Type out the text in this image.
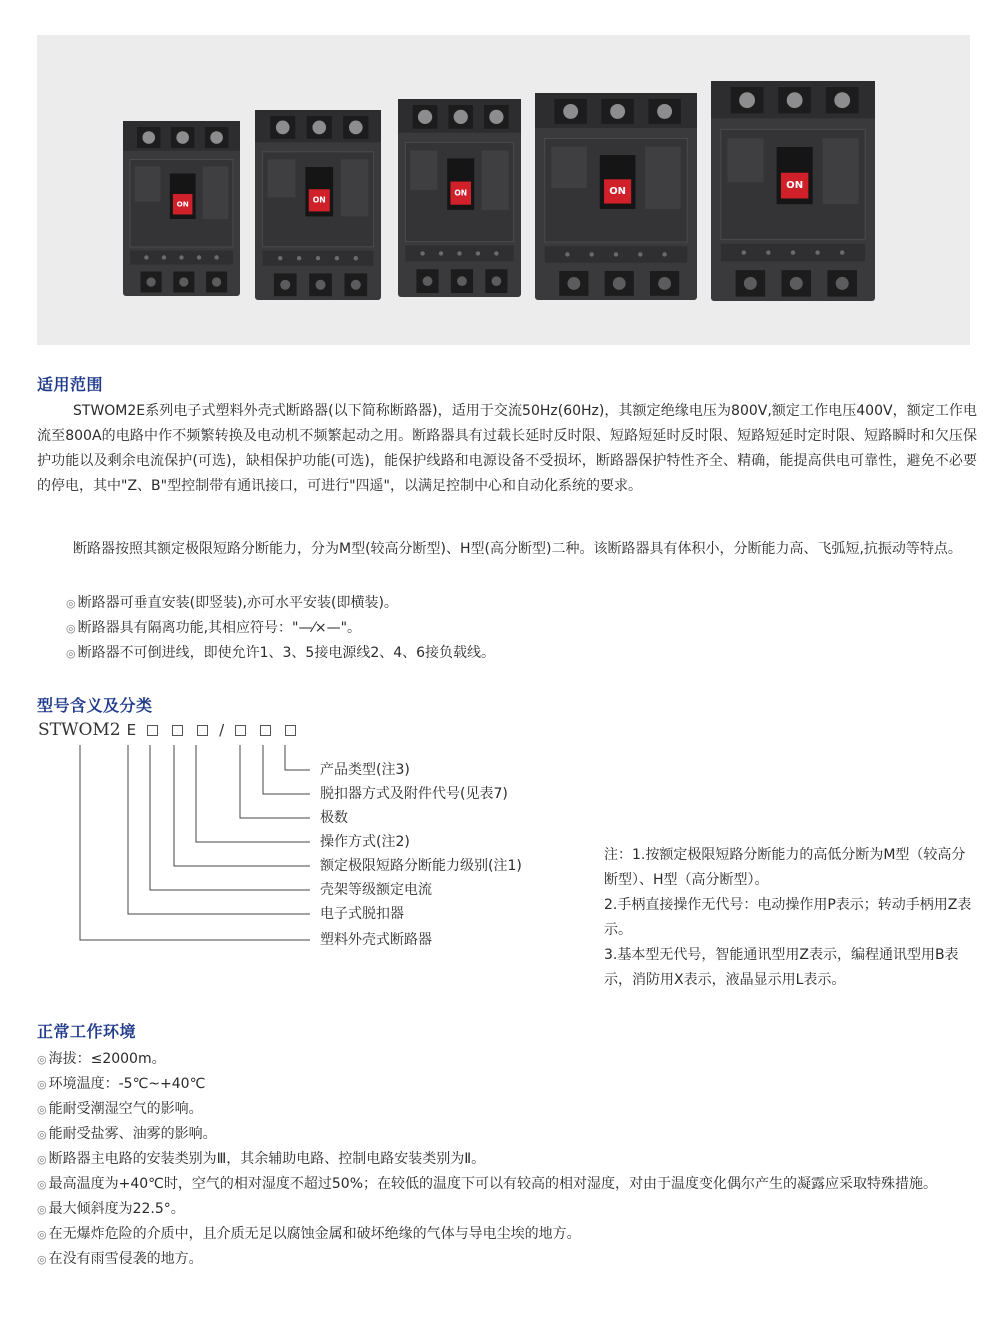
ON	ON
ON	ON
ON
适用范围

STWOM2E系列电子式塑料外壳式断路器(以下简称断路器)，适用于交流50Hz(60Hz)，其额定绝缘电压为800V,额定工作电压400V，额定工作电流至800A的电路中作不频繁转换及电动机不频繁起动之用。断路器具有过载长延时反时限、短路短延时反时限、短路短延时定时限、短路瞬时和欠压保护功能以及剩余电流保护(可选)，缺相保护功能(可选)，能保护线路和电源设备不受损坏，断路器保护特性齐全、精确，能提高供电可靠性，避免不必要的停电，其中"Z、B"型控制带有通讯接口，可进行"四遥"，以满足控制中心和自动化系统的要求。

断路器按照其额定极限短路分断能力，分为M型(较高分断型)、H型(高分断型)二种。该断路器具有体积小，分断能力高、飞弧短,抗振动等特点。

◎ 断路器可垂直安装(即竖装),亦可水平安装(即横装)。
◎ 断路器具有隔离功能,其相应符号："—⁄×—"。
◎ 断路器不可倒进线，即使允许1、3、5接电源线2、4、6接负载线。
型号含义及分类
STWOM2 E	/
产品类型(注3)
脱扣器方式及附件代号(见表7)
极数
操作方式(注2)
额定极限短路分断能力级别(注1)
壳架等级额定电流
电子式脱扣器
塑料外壳式断路器

注：1.按额定极限短路分断能力的高低分断为M型（较高分断型）、H型（高分断型）。

2.手柄直接操作无代号：电动操作用P表示；转动手柄用Z表示。

3.基本型无代号，智能通讯型用Z表示，编程通讯型用B表示，消防用X表示，液晶显示用L表示。

正常工作环境
◎ 海拔：≤2000m。
◎ 环境温度：-5℃~+40℃
◎ 能耐受潮湿空气的影响。
◎ 能耐受盐雾、油雾的影响。
◎ 断路器主电路的安装类别为Ⅲ，其余辅助电路、控制电路安装类别为Ⅱ。
◎ 最高温度为+40℃时，空气的相对湿度不超过50%；在较低的温度下可以有较高的相对湿度，对由于温度变化偶尔产生的凝露应采取特殊措施。
◎ 最大倾斜度为22.5°。
◎ 在无爆炸危险的介质中，且介质无足以腐蚀金属和破坏绝缘的气体与导电尘埃的地方。
◎ 在没有雨雪侵袭的地方。
